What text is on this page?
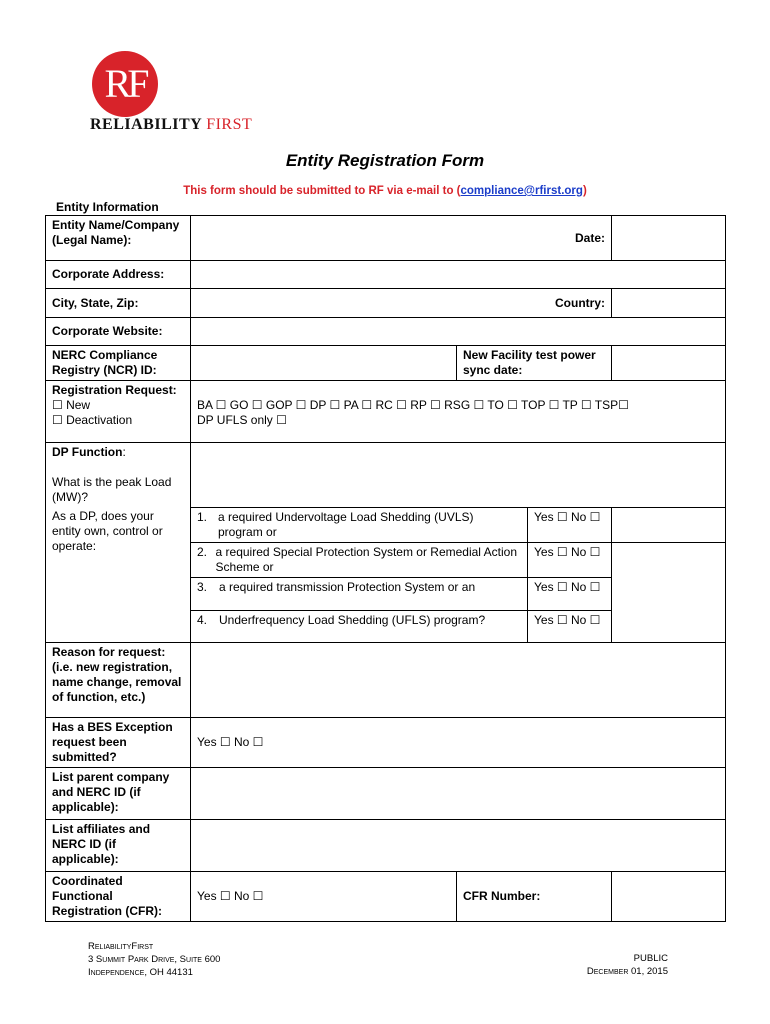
RF
RELIABILITY FIRST
Entity Registration Form
This form should be submitted to RF via e-mail to (compliance@rfirst.org)
Entity Information
Entity Name/Company (Legal Name):			Date:	
Corporate Address:				
City, State, Zip:		Country:		
Corporate Website:				
NERC Compliance Registry (NCR) ID:		New Facility test power sync date:		

Registration Request:
☐ New
☐ Deactivation	BA ☐ GO ☐ GOP ☐ DP ☐ PA ☐ RC ☐ RP ☐ RSG ☐ TO ☐ TOP ☐ TP ☐ TSP☐
DP UFLS only ☐			

DP Function:
What is the peak Load (MW)?				

As a DP, does your entity own, control or operate:	1. a required Undervoltage Load Shedding (UVLS) program or		Yes ☐ No ☐	

	2. a required Special Protection System or Remedial Action Scheme or		Yes ☐ No ☐	

	3. a required transmission Protection System or an		Yes ☐ No ☐	

	4. Underfrequency Load Shedding (UFLS) program?		Yes ☐ No ☐	
Reason for request: (i.e. new registration, name change, removal of function, etc.)				
Has a BES Exception request been submitted?	Yes ☐ No ☐			
List parent company and NERC ID (if applicable):				
List affiliates and NERC ID (if applicable):				
Coordinated Functional Registration (CFR):	Yes ☐ No ☐	CFR Number:		
ReliabilityFirst
3 Summit Park Drive, Suite 600
Independence, OH 44131
PUBLIC
December 01, 2015
